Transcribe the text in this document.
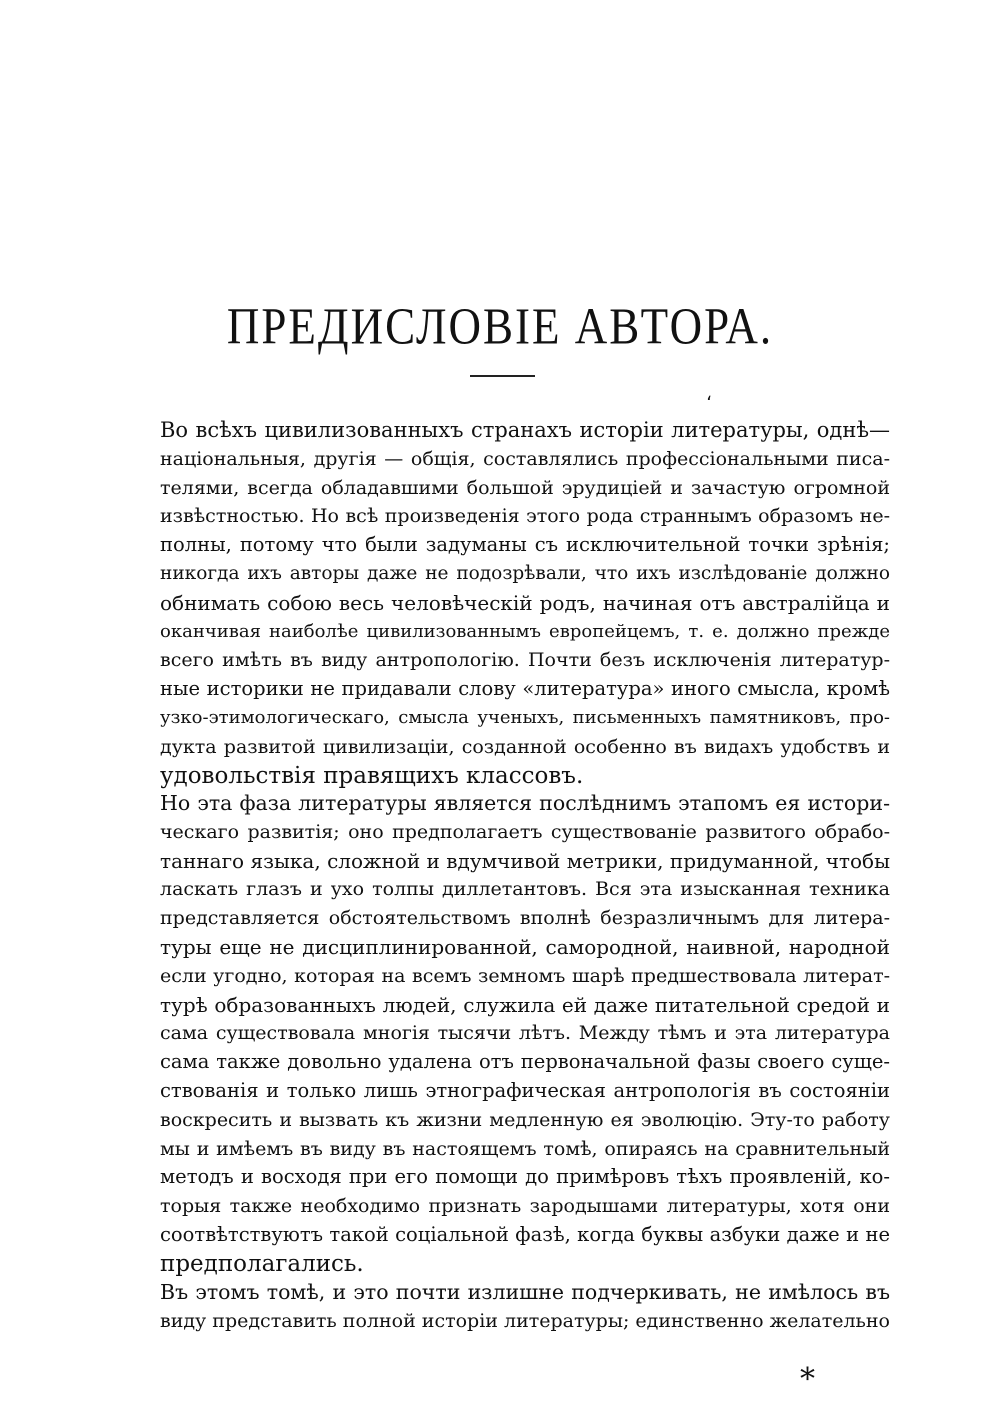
ПРЕДИСЛОВІЕ АВТОРА.
،
Во всѣхъ цивилизованныхъ странахъ исторіи литературы, однѣ—
національныя, другія — общія, составлялись профессіональными писа-
телями, всегда обладавшими большой эрудиціей и зачастую огромной
извѣстностью. Но всѣ произведенія этого рода страннымъ образомъ не-
полны, потому что были задуманы съ исключительной точки зрѣнія;
никогда ихъ авторы даже не подозрѣвали, что ихъ изслѣдованіе должно
обнимать собою весь человѣческій родъ, начиная отъ австралійца и
оканчивая наиболѣе цивилизованнымъ европейцемъ, т. е. должно прежде
всего имѣть въ виду антропологію. Почти безъ исключенія литератур-
ные историки не придавали слову «литература» иного смысла, кромѣ
узко-этимологическаго, смысла ученыхъ, письменныхъ памятниковъ, про-
дукта развитой цивилизаціи, созданной особенно въ видахъ удобствъ и
удовольствія правящихъ классовъ.
Но эта фаза литературы является послѣднимъ этапомъ ея истори-
ческаго развитія; оно предполагаетъ существованіе развитого обрабо-
таннаго языка, сложной и вдумчивой метрики, придуманной, чтобы
ласкать глазъ и ухо толпы диллетантовъ. Вся эта изысканная техника
представляется обстоятельствомъ вполнѣ безразличнымъ для литера-
туры еще не дисциплинированной, самородной, наивной, народной
если угодно, которая на всемъ земномъ шарѣ предшествовала литерат-
турѣ образованныхъ людей, служила ей даже питательной средой и
сама существовала многія тысячи лѣтъ. Между тѣмъ и эта литература
сама также довольно удалена отъ первоначальной фазы своего суще-
ствованія и только лишь этнографическая антропологія въ состояніи
воскресить и вызвать къ жизни медленную ея эволюцію. Эту-то работу
мы и имѣемъ въ виду въ настоящемъ томѣ, опираясь на сравнительный
методъ и восходя при его помощи до примѣровъ тѣхъ проявленій, ко-
торыя также необходимо признать зародышами литературы, хотя они
соотвѣтствуютъ такой соціальной фазѣ, когда буквы азбуки даже и не
предполагались.
Въ этомъ томѣ, и это почти излишне подчеркивать, не имѣлось въ
виду представить полной исторіи литературы; единственно желательно
*
